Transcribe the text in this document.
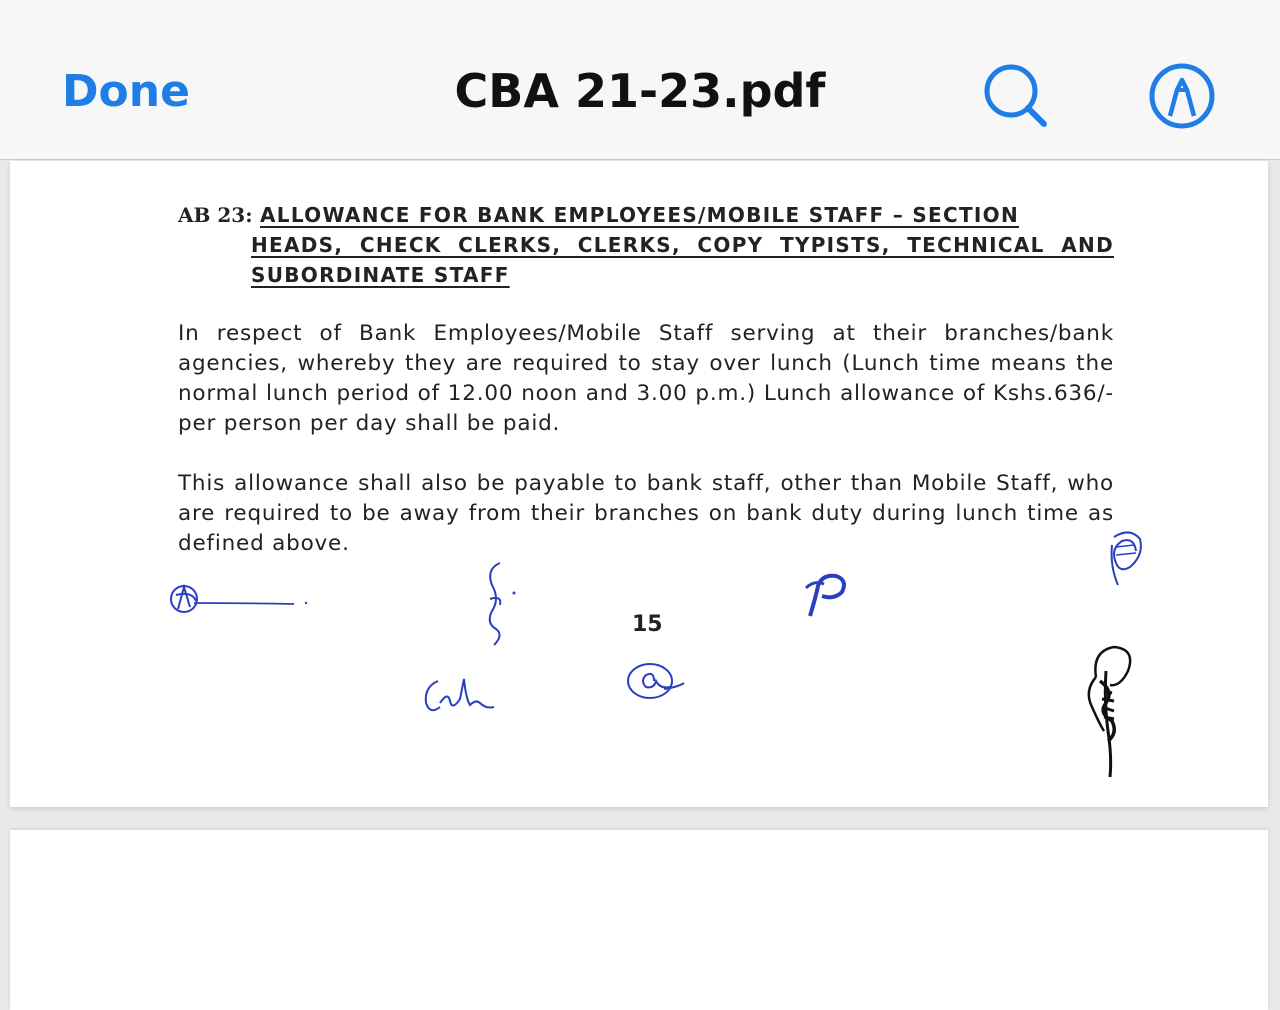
Done	CBA 21-23.pdf
AB 23: ALLOWANCE FOR BANK EMPLOYEES/MOBILE STAFF – SECTION
HEADS, CHECK CLERKS, CLERKS, COPY TYPISTS, TECHNICAL AND
SUBORDINATE STAFF
In respect of Bank Employees/Mobile Staff serving at their branches/bank agencies, whereby they are required to stay over lunch (Lunch time means the normal lunch period of 12.00 noon and 3.00 p.m.) Lunch allowance of Kshs.636/- per person per day shall be paid.
This allowance shall also be payable to bank staff, other than Mobile Staff, who are required to be away from their branches on bank duty during lunch time as defined above.
15
